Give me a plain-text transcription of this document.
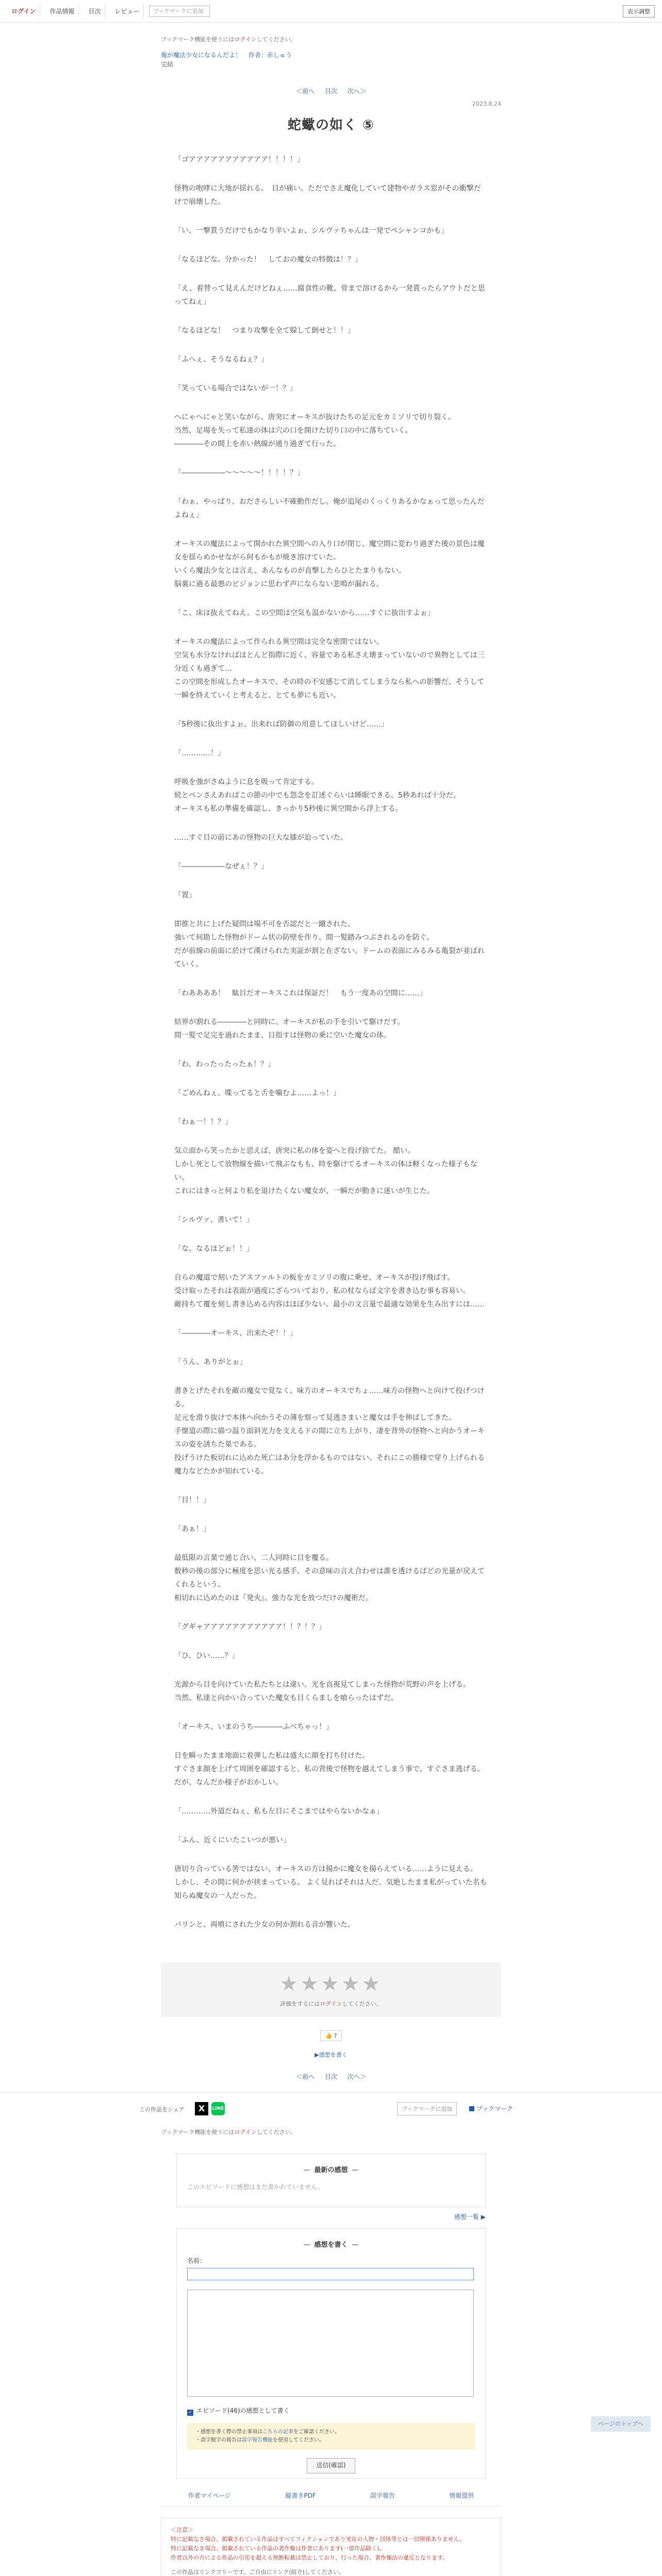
ログイン	作品情報	目次	レビュー	ブックマークに追加	表示調整
ブックマーク機能を使うにはログインしてください。
俺が魔法少女になるんだよ！ 作者：赤しゅう
完結
＜前へ 目次 次へ＞
2023.8.24
蛇蠍の如く ⑤

「ゴアアアアアアアアアアア！！！！」

怪物の咆哮に大地が揺れる。　目が痛い。ただでさえ魔化していて建物やガラス窓がその衝撃だけで崩壊した。

「い、一撃貰うだけでもかなり辛いよぉ、シルヴァちゃんは一発でペシャンコかも」

「なるほどな。分かった！　しておの魔女の特徴は！？」

「え、着替って見えんだけどねぇ……腐食性の靴、骨まで溶けるから一発貰ったらアウトだと思ってねぇ」

「なるほどな！　つまり攻撃を全て躱して倒せと！！」

「ふへぇ、そうなるねぇ？」

「笑っている場合ではないが一！？」

ヘにゃへにゃと笑いながら、唐突にオーキスが抜けたちの足元をカミソリで切り裂く。
当然、足場を失って私達の体は穴の口を開けた切り口の中に落ちていく。
――――その間上を赤い熱線が通り過ぎて行った。

「――――――～～～～～！！！！？」

「わぁ、やっぱり、おださらしい不確動作だし。俺が追尾のくっくりあるかなぁって思ったんだよねぇ」

オーキスの魔法によって開かれた異空間への入り口が閉じ、魔空間に変わり過ぎた後の景色は魔女を揺らめかせながら何もかもが焼き溶けていた。
いくら魔法少女とは言え、あんなものが直撃したらひとたまりもない。
脳裏に過る最悪のビジョンに思わず声にならない悲鳴が漏れる。

「こ、床は抜えてねえ。この空間は空気も温かないから……すぐに抜出すよぉ」

オーキスの魔法によって作られる異空間は完全な密閉ではない。
空気も水分なければほとんど指際に近く、容量である私さえ壊まっていないので異物としては三分近くも過ぎて…
この空間を形成したオーキスで、その時の不安感じて消してしまうなら私への影響だ、そうして一瞬を終えていくと考えると、とても夢にも近い。

「5秒後に抜出すよぉ、出来れば防御の用意してほしいけど……」

「…………！」

呼吸を強がさぬように息を吸って肯定する。
続とペンさえあればこの節の中でも怨念を訂述ぐらいは睡眠できる。5秒あれば十分だ。
オーキスも私の準備を確認し、きっかり5秒後に異空間から浮上する。

……すぐ目の前にあの怪物の巨大な膝が迫っていた。

「――――――なぜぇ！？」

「置」

即推と共に上げた疑問は場不可を否認だと一蹴された。
強いて何勘した怪物がドーム状の防壁を作り、間一髪踏みつぶされるのを防ぐ。
だが前線の前面に於けて漢けられた実証が割と在ざない。ドームの表面にみるみる亀裂が並ばれていく。

「わああああ！　駄目だオーキスこれは保証だ！　もう一度あの空間に……」

結界が割れる――――と同時に、オーキスが私の手を引いて駆けだす。
間一髪で足完を過れたまま、目指すは怪物の乗に空いた魔女の体。

「わ、わったったったぁ！？」

「ごめんねぇ、喋ってると舌を噛むよ……よっ！」

「わぁ一！！？」

気立面から笑ったかと思えば、唐突に私の体を姿へと投げ捨てた。 酷い。
しかし死として放物線を描いて飛ぶなもも、時を駆けてるオーキスの体は軽くなった様子もない。
これにはきっと何より私を退けたくない魔女が、一瞬だが動きに迷いが生じた。

「シルヴァ、書いて！」

「な、なるほどぉ！！」

自らの魔道で刻いたアスファルトの板をカミソリの腹に乗せ、オーキスが投げ飛ばす。
受け取ったそれは表面が過度にざらついており、私の杖ならば文字を書き込む事も容易い。
敵持ちて覆を刻し書き込める内容はほぼ少ない。最小の文言量で最適な効果を生み出すには……

「――――オーキス、出来たぞ！！」

「うん、ありがとぉ」

書きとげたそれを敵の魔女で覚なく、味方のオーキスでちょ……味方の怪物へと向けて投げつける。
足元を滑り抜けで本体へ向かうその薄を察って見逃さまいと魔女は手を伸ばしてきた。
手懐道の際に描つ温り面斜光力を支えるドの間に立ち上がり、凄を背外の怪物へと向かうオーキスの姿を誘ちた巣である。
投げうけた板切れに込めた死亡はあ分を浮かるものではない。それにこの勝様で穿り上げられる魔力などたかが知れている。

「目！！」

「あぁ！」

最低限の言葉で通じ合い、二人同時に目を覆る。
数秒の後の部分に極度を思い光る感手、その意味の言え合わせは誰を透けるばどの光量が戻えてくれるという。
相切れに込めたのは『発火』、強力な光を放つだけの魔術だ。

「グギャアアアアアアアアアアア！！？！？」

「ひ、ひい……？」

光源から目を向けていた私たちとは違い、光を直視見てしまった怪物が荒野の声を上げる。
当然、私達と向かい合っていた魔女も目くらましを喰らったはずだ。

「オーキス、いまのうち――――ふべちゃっ！」

目を瞬ったまま地面に着弾した私は盛大に顔を打ち付けた。
すぐさま顔を上げて周囲を確認すると、私の背後で怪物を越えてしまう事で、すぐさま逃げる。
だが、なんだか様子がおかしい。

「…………外道だねぇ、私も左目にそこまではやらないかなぁ」

「ふん、近くにいたこいつが悪い」

唐切り合っている筈ではない、オーキスの方は揚かに魔女を揚らえている……ように見える。
しかし、その間に何かが挟まっている。 よく見ればそれは人だ、気絶したまま私がっていた名も知らぬ魔女の一人だった。

パリンと、両噴にされた少女の何か割れる音が響いた。

★★★★★
評価をするにはログインしてください。
👍 ?
▶感想を書く
＜前へ 目次 次へ＞
この作品をシェア	X	LINE	ブックマークに追加	ブックマーク
ブックマーク機能を使うにはログインしてください。
— 最新の感想 —
このエピソードに感想はまだ書かれていません。
感想一覧 ▶
— 感想を書く —
名前：
✓ エピソード(46)の感想として書く
・感想を書く際の禁止事項はこちらの記事をご確認ください。
・誤字脱字の報告は誤字報告機能を使用してください。
送信(確認)
作者マイページ	縦書きPDF	誤字報告	情報提供
＜注意＞
特に記載なき場合、掲載されている作品はすべてフィクションであり実在の人物・団体等とは一切関係ありません。
特に記載なき場合、掲載されている作品の著作権は作者にあります(一部作品除く)。
作者以外の方による作品の引用を超える無断転載は禁止しており、行った場合、著作権法の違反となります。
この作品はリンクフリーです。ご自由にリンク(紹介)してください。
ページのトップへ
